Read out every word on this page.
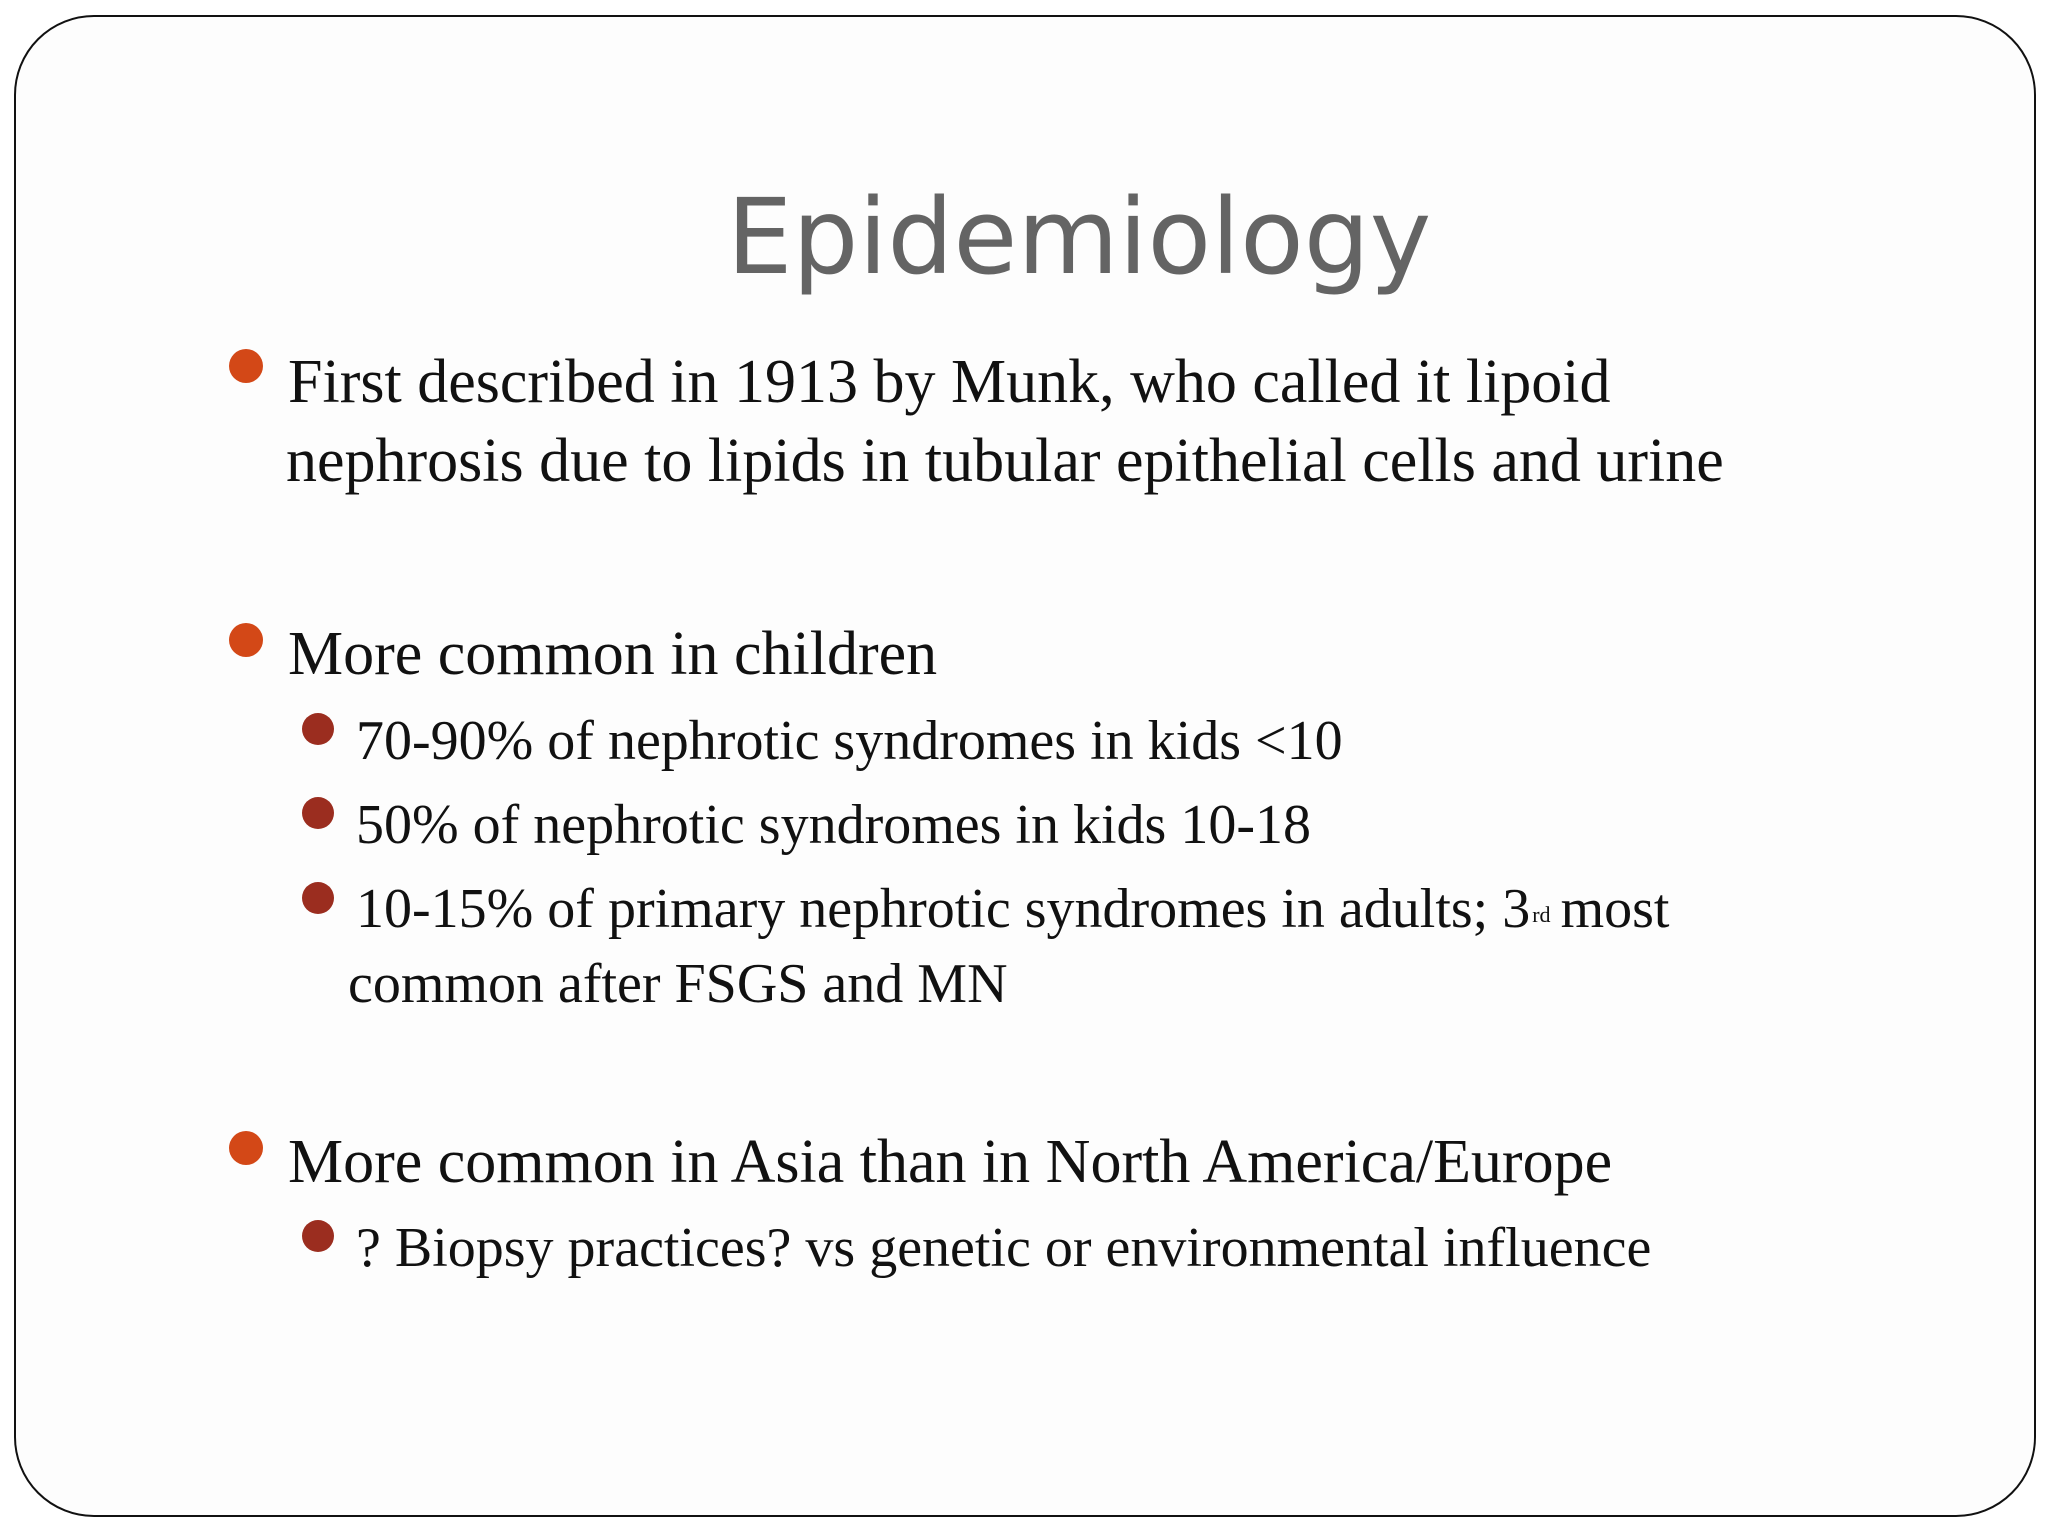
Epidemiology
First described in 1913 by Munk, who called it lipoid
nephrosis due to lipids in tubular epithelial cells and urine
More common in children
70-90% of nephrotic syndromes in kids <10
50% of nephrotic syndromes in kids 10-18
10-15% of primary nephrotic syndromes in adults; 3rd most
common after FSGS and MN
More common in Asia than in North America/Europe
? Biopsy practices? vs genetic or environmental influence
